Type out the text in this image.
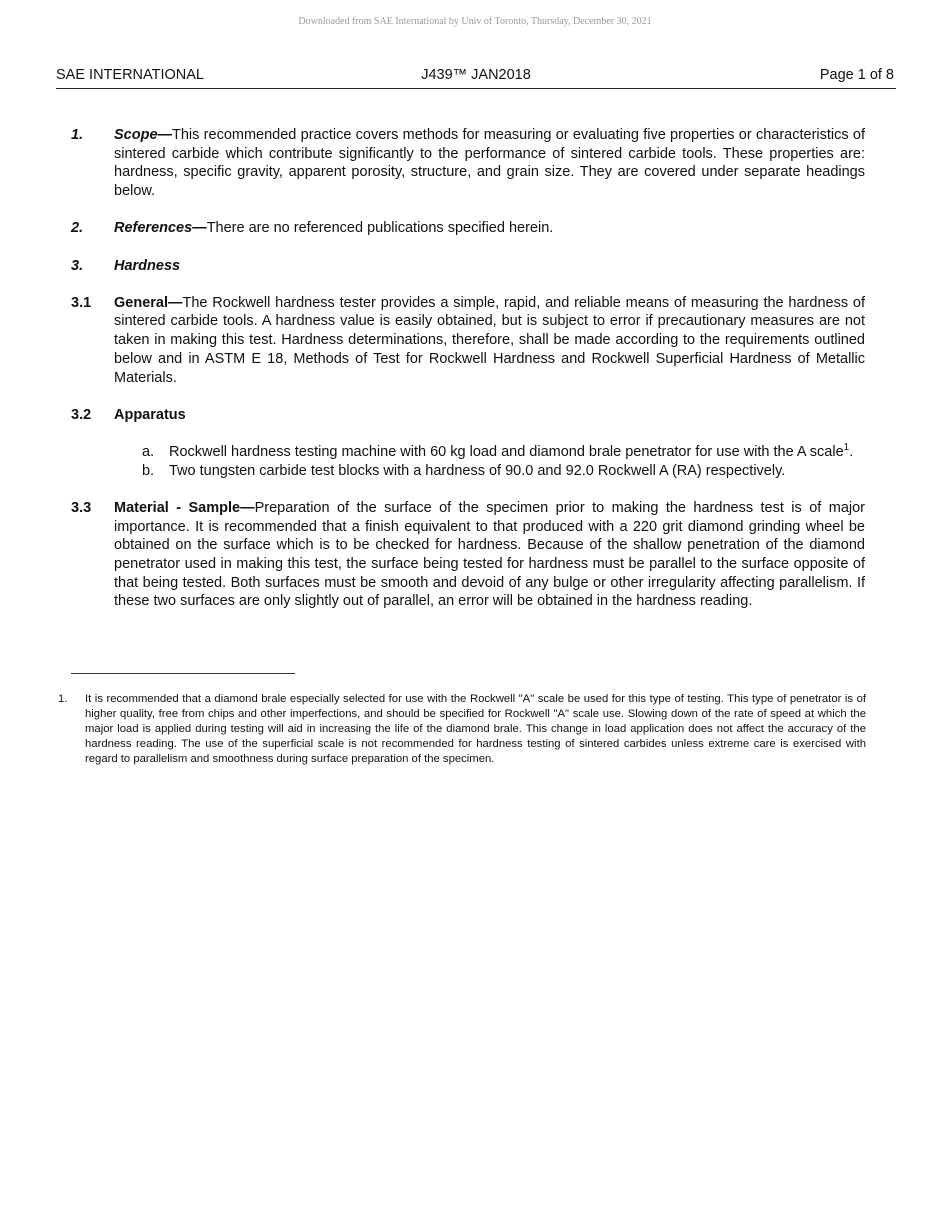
Downloaded from SAE International by Univ of Toronto, Thursday, December 30, 2021
SAE INTERNATIONAL	J439™ JAN2018	Page 1 of 8
1. Scope—This recommended practice covers methods for measuring or evaluating five properties or characteristics of sintered carbide which contribute significantly to the performance of sintered carbide tools. These properties are: hardness, specific gravity, apparent porosity, structure, and grain size. They are covered under separate headings below.

2. References—There are no referenced publications specified herein.

3. Hardness

3.1 General—The Rockwell hardness tester provides a simple, rapid, and reliable means of measuring the hardness of sintered carbide tools. A hardness value is easily obtained, but is subject to error if precautionary measures are not taken in making this test. Hardness determinations, therefore, shall be made according to the requirements outlined below and in ASTM E 18, Methods of Test for Rockwell Hardness and Rockwell Superficial Hardness of Metallic Materials.

3.2 Apparatus

a. Rockwell hardness testing machine with 60 kg load and diamond brale penetrator for use with the A scale$^1$.
b. Two tungsten carbide test blocks with a hardness of 90.0 and 92.0 Rockwell A (RA) respectively.
3.3 Material - Sample—Preparation of the surface of the specimen prior to making the hardness test is of major importance. It is recommended that a finish equivalent to that produced with a 220 grit diamond grinding wheel be obtained on the surface which is to be checked for hardness. Because of the shallow penetration of the diamond penetrator used in making this test, the surface being tested for hardness must be parallel to the surface opposite of that being tested. Both surfaces must be smooth and devoid of any bulge or other irregularity affecting parallelism. If these two surfaces are only slightly out of parallel, an error will be obtained in the hardness reading.

1. It is recommended that a diamond brale especially selected for use with the Rockwell "A" scale be used for this type of testing. This type of penetrator is of higher quality, free from chips and other imperfections, and should be specified for Rockwell "A" scale use. Slowing down of the rate of speed at which the major load is applied during testing will aid in increasing the life of the diamond brale. This change in load application does not affect the accuracy of the hardness reading. The use of the superficial scale is not recommended for hardness testing of sintered carbides unless extreme care is exercised with regard to parallelism and smoothness during surface preparation of the specimen.
